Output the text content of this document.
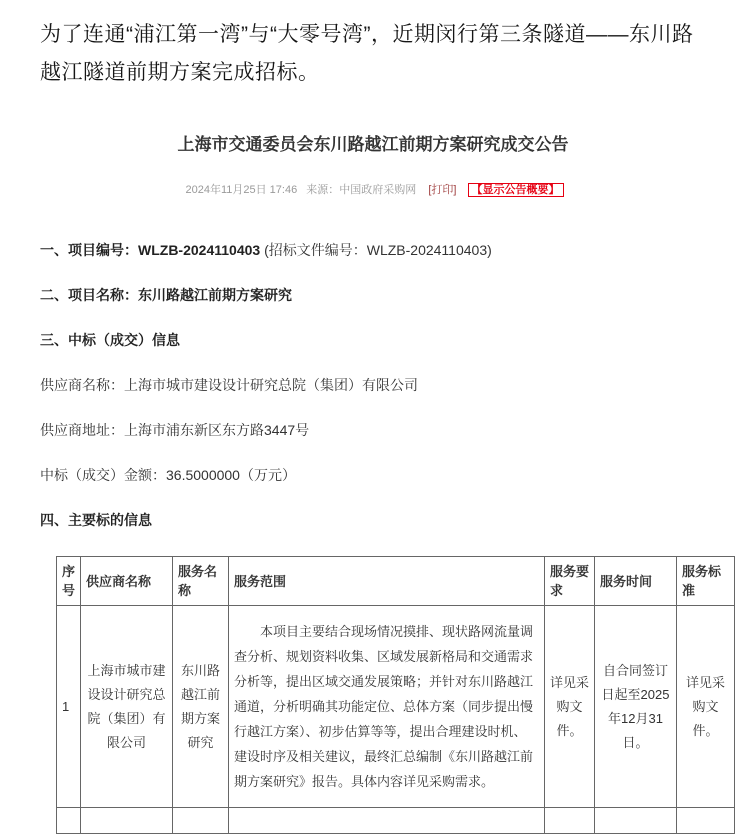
为了连通“浦江第一湾”与“大零号湾”，近期闵行第三条隧道——东川路越江隧道前期方案完成招标。

上海市交通委员会东川路越江前期方案研究成交公告
2024年11月25日 17:46 来源：中国政府采购网 [打印] 【显示公告概要】

一、项目编号：WLZB-2024110403 (招标文件编号：WLZB-2024110403)

二、项目名称：东川路越江前期方案研究

三、中标（成交）信息

供应商名称：上海市城市建设设计研究总院（集团）有限公司

供应商地址：上海市浦东新区东方路3447号

中标（成交）金额：36.5000000（万元）

四、主要标的信息

序号	供应商名称	服务名称	服务范围	服务要求	服务时间	服务标准
1	上海市城市建设设计研究总院（集团）有限公司	东川路越江前期方案研究	本项目主要结合现场情况摸排、现状路网流量调查分析、规划资料收集、区域发展新格局和交通需求分析等，提出区域交通发展策略；并针对东川路越江通道，分析明确其功能定位、总体方案（同步提出慢行越江方案）、初步估算等等，提出合理建设时机、建设时序及相关建议，最终汇总编制《东川路越江前期方案研究》报告。具体内容详见采购需求。	详见采购文件。	自合同签订日起至2025年12月31日。	详见采购文件。
